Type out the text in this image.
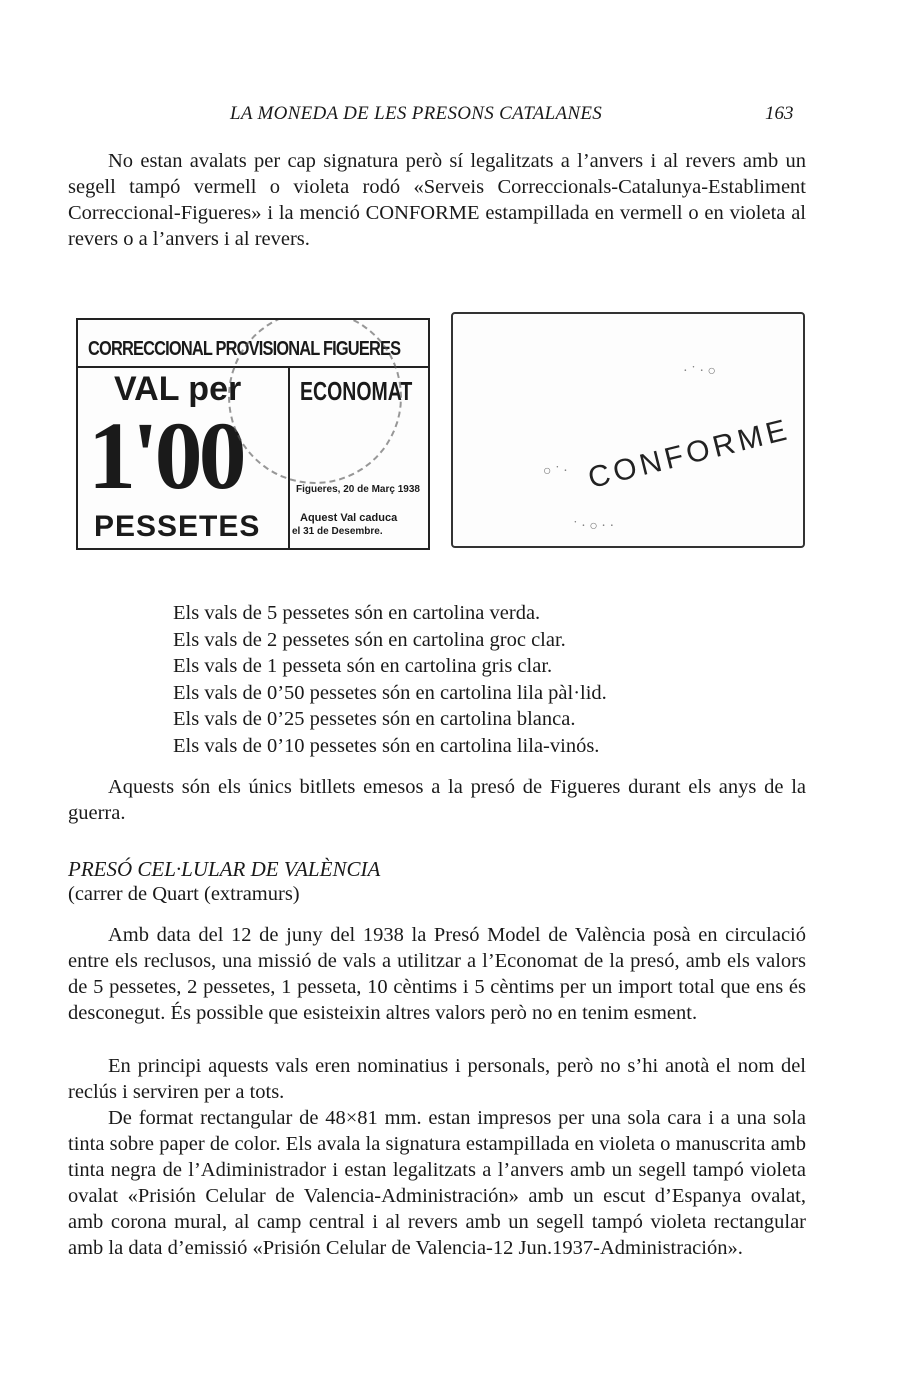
LA MONEDA DE LES PRESONS CATALANES	163

No estan avalats per cap signatura però sí legalitzats a l’anvers i al revers amb un segell tampó vermell o violeta rodó «Serveis Correccionals-Catalunya-Establiment Correccional-Figueres» i la menció CONFORME estampillada en vermell o en violeta al revers o a l’anvers i al revers.

CORRECCIONAL PROVISIONAL FIGUERES
VAL per ECONOMAT
1'00
PESSETES
Figueres, 20 de Març 1938
Aquest Val caduca
el 31 de Desembre.
· ˙ · ○
○ ˙ ·
˙ · ○ · ·
CONFORME
Els vals de 5 pessetes són en cartolina verda.
Els vals de 2 pessetes són en cartolina groc clar.
Els vals de 1 pesseta són en cartolina gris clar.
Els vals de 0’50 pessetes són en cartolina lila pàl·lid.
Els vals de 0’25 pessetes són en cartolina blanca.
Els vals de 0’10 pessetes són en cartolina lila-vinós.

Aquests són els únics bitllets emesos a la presó de Figueres durant els anys de la guerra.

PRESÓ CEL·LULAR DE VALÈNCIA
(carrer de Quart (extramurs)

Amb data del 12 de juny del 1938 la Presó Model de València posà en circulació entre els reclusos, una missió de vals a utilitzar a l’Economat de la presó, amb els valors de 5 pessetes, 2 pessetes, 1 pesseta, 10 cèntims i 5 cèntims per un import total que ens és desconegut. És possible que esisteixin altres valors però no en tenim esment.

En principi aquests vals eren nominatius i personals, però no s’hi anotà el nom del reclús i serviren per a tots.

De format rectangular de 48×81 mm. estan impresos per una sola cara i a una sola tinta sobre paper de color. Els avala la signatura estampillada en violeta o manuscrita amb tinta negra de l’Adiministrador i estan legalitzats a l’anvers amb un segell tampó violeta ovalat «Prisión Celular de Valencia-Administración» amb un escut d’Espanya ovalat, amb corona mural, al camp central i al revers amb un segell tampó violeta rectangular amb la data d’emissió «Prisión Celular de Valencia-12 Jun.1937-Administración».
